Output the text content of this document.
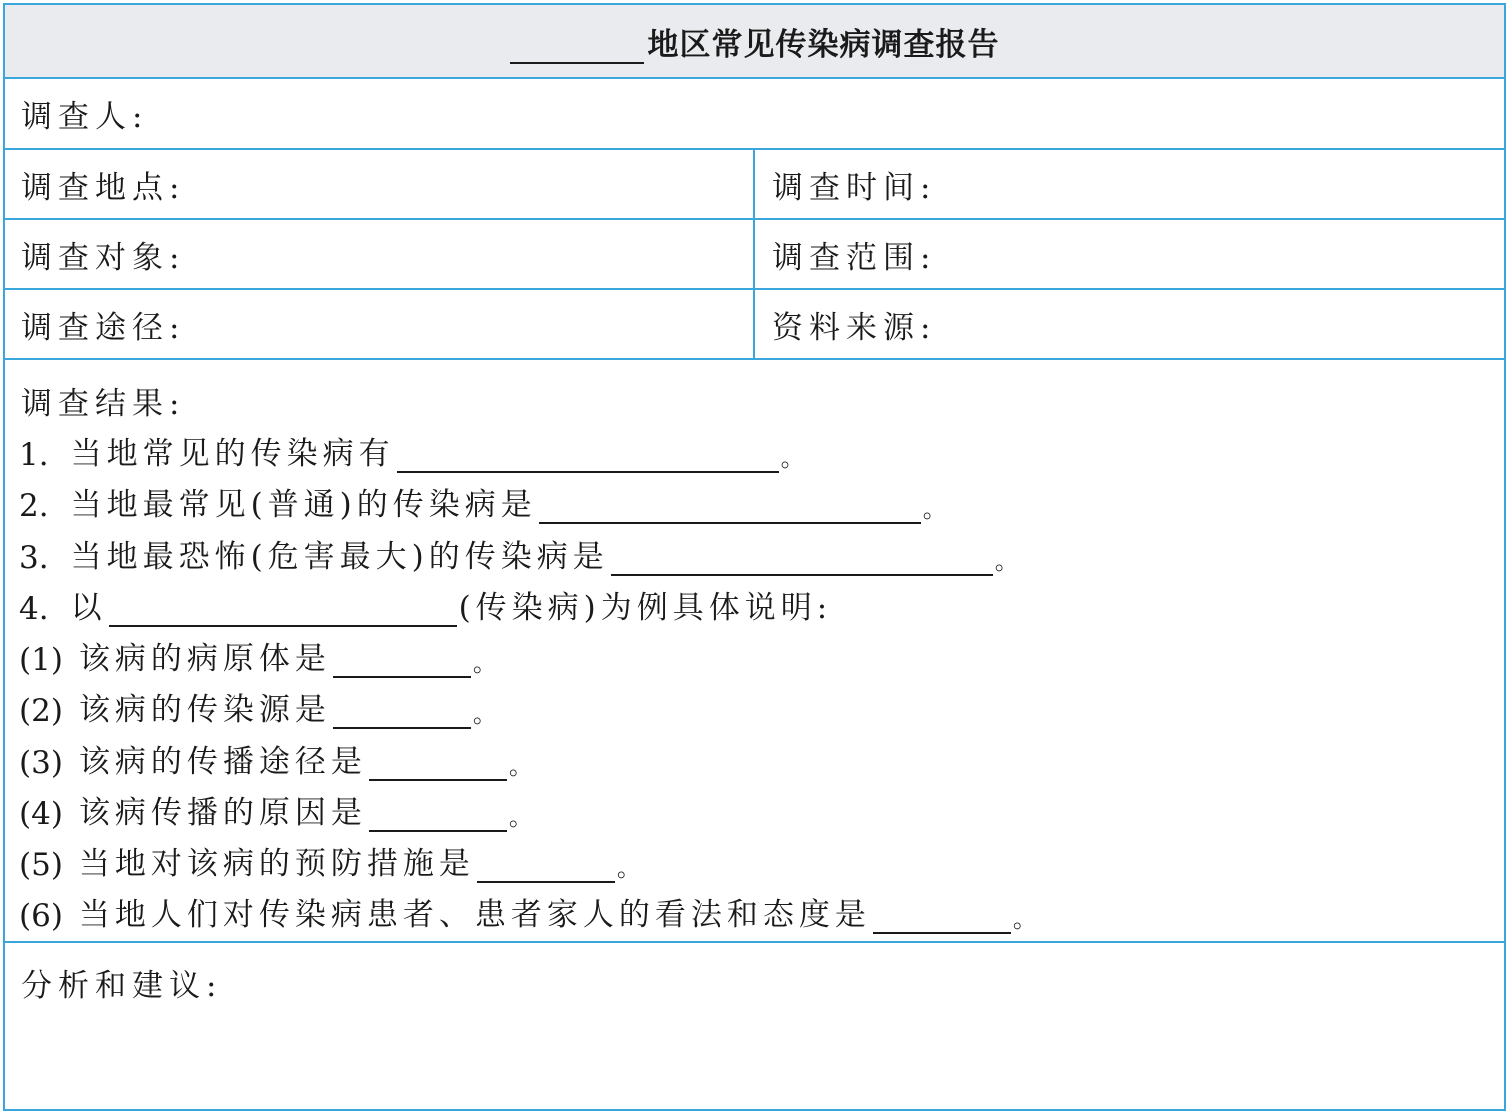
地区常见传染病调查报告
调查人:
调查地点:	调查时间:
调查对象:	调查范围:
调查途径:	资料来源:
调查结果:
1. 当地常见的传染病有	。
2. 当地最常见(普通)的传染病是	。
3. 当地最恐怖(危害最大)的传染病是	。
4. 以	(传染病)为例具体说明:
(1) 该病的病原体是	。
(2) 该病的传染源是	。
(3) 该病的传播途径是	。
(4) 该病传播的原因是	。
(5) 当地对该病的预防措施是	。
(6) 当地人们对传染病患者、患者家人的看法和态度是	。
分析和建议:
